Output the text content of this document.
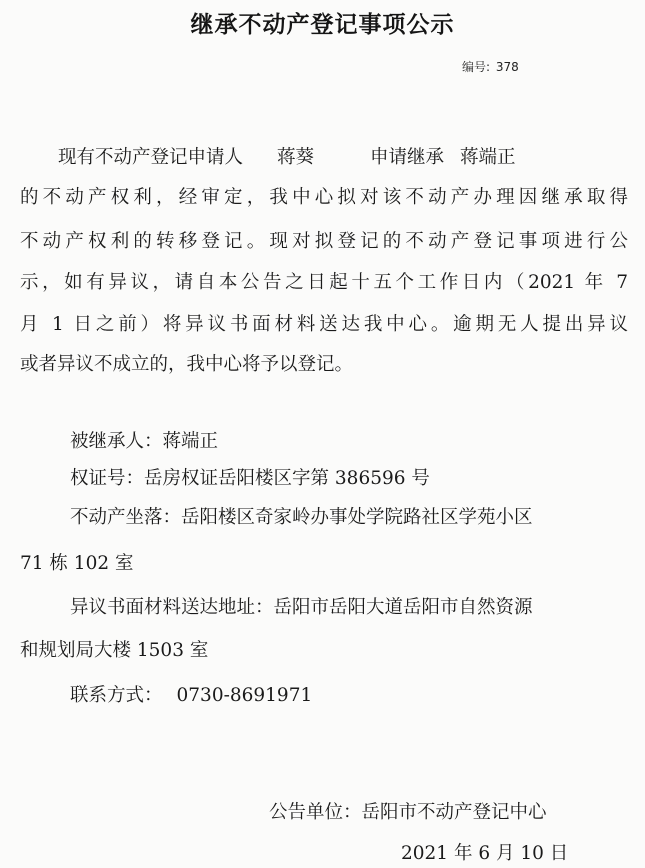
继承不动产登记事项公示
编号: 378
现有不动产登记申请人 蒋葵	申请继承 蒋端正
的不动产权利，经审定，我中心拟对该不动产办理因继承取得
不动产权利的转移登记。现对拟登记的不动产登记事项进行公
示，如有异议，请自本公告之日起十五个工作日内（2021 年 7
月 1 日之前）将异议书面材料送达我中心。逾期无人提出异议
或者异议不成立的，我中心将予以登记。
被继承人：蒋端正
权证号：岳房权证岳阳楼区字第 386596 号
不动产坐落：岳阳楼区奇家岭办事处学院路社区学苑小区
71 栋 102 室
异议书面材料送达地址：岳阳市岳阳大道岳阳市自然资源
和规划局大楼 1503 室
联系方式： 0730-8691971
公告单位：岳阳市不动产登记中心
2021 年 6 月 10 日
